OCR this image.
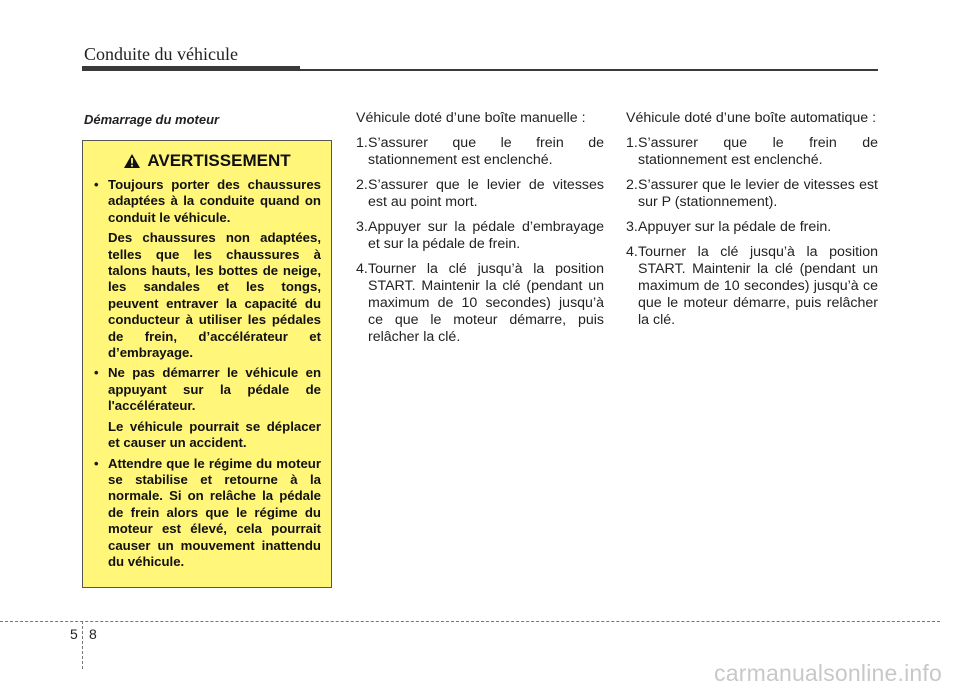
Conduite du véhicule
Démarrage du moteur
AVERTISSEMENT
• Toujours porter des chaussures adaptées à la conduite quand on conduit le véhicule.

Des chaussures non adaptées, telles que les chaussures à talons hauts, les bottes de neige, les sandales et les tongs, peuvent entraver la capacité du conducteur à utiliser les pédales de frein, d’accélérateur et d’embrayage.

• Ne pas démarrer le véhicule en appuyant sur la pédale de l'accélérateur.

Le véhicule pourrait se déplacer et causer un accident.

• Attendre que le régime du moteur se stabilise et retourne à la normale. Si on relâche la pédale de frein alors que le régime du moteur est élevé, cela pourrait causer un mouvement inattendu du véhicule.

Véhicule doté d’une boîte manuelle :

1. S’assurer que le frein de stationnement est enclenché.
2. S’assurer que le levier de vitesses est au point mort.
3. Appuyer sur la pédale d’embrayage et sur la pédale de frein.
4. Tourner la clé jusqu’à la position START. Maintenir la clé (pendant un maximum de 10 secondes) jusqu’à ce que le moteur démarre, puis relâcher la clé.

Véhicule doté d’une boîte automatique :

1. S’assurer que le frein de stationnement est enclenché.
2. S’assurer que le levier de vitesses est sur P (stationnement).
3. Appuyer sur la pédale de frein.
4. Tourner la clé jusqu’à la position START. Maintenir la clé (pendant un maximum de 10 secondes) jusqu’à ce que le moteur démarre, puis relâcher la clé.
5 8
carmanualsonline.info
